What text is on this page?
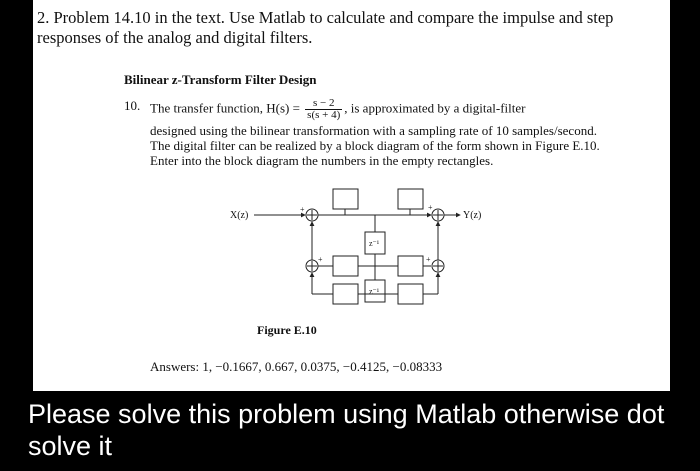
2. Problem 14.10 in the text. Use Matlab to calculate and compare the impulse and step responses of the analog and digital filters.
Bilinear z-Transform Filter Design
10. The transfer function, $H(s) = \frac{s - 2}{s(s + 4)}$ , is approximated by a digital-filter
designed using the bilinear transformation with a sampling rate of 10 samples/second. The digital filter can be realized by a block diagram of the form shown in Figure E.10. Enter into the block diagram the numbers in the empty rectangles.
X(z)
+	+
Y(z)
z⁻¹
z⁻¹
+	+
Figure E.10
Answers: 1, −0.1667, 0.667, 0.0375, −0.4125, −0.08333
Please solve this problem using Matlab otherwise dot solve it
